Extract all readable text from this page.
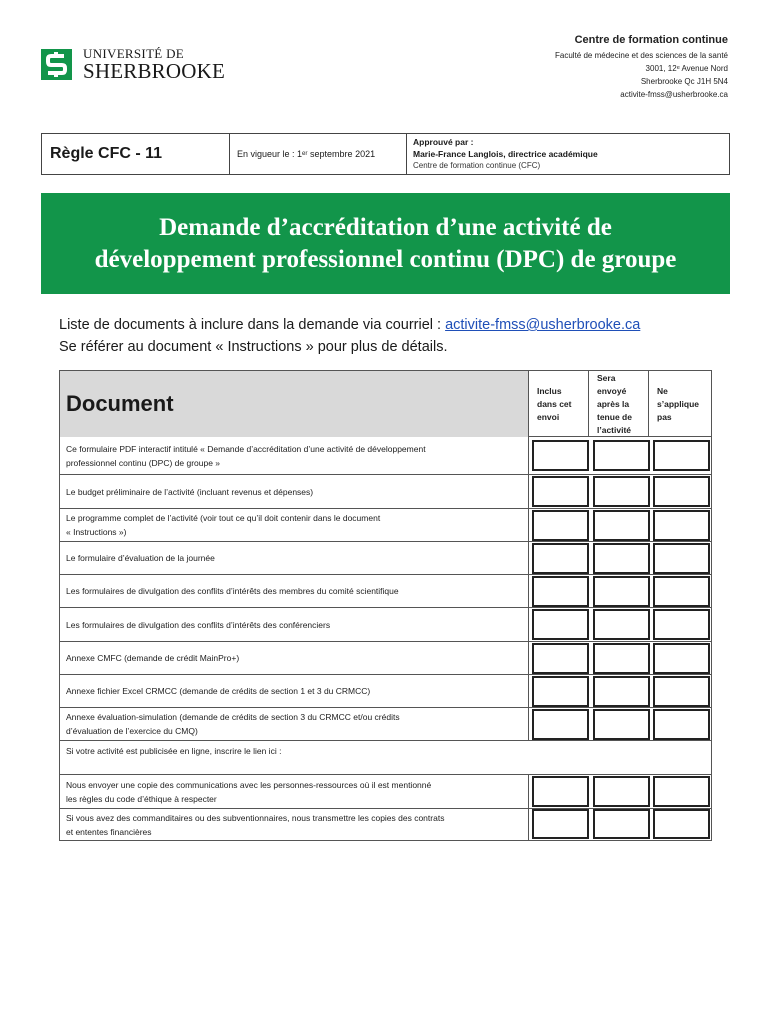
UNIVERSITÉ DE
SHERBROOKE
Centre de formation continue
Faculté de médecine et des sciences de la santé
3001, 12ᵉ Avenue Nord
Sherbrooke Qc J1H 5N4
activite-fmss@usherbrooke.ca
Règle CFC - 11	En vigueur le : 1ᵉʳ septembre 2021
Approuvé par :
Marie-France Langlois, directrice académique
Centre de formation continue (CFC)
Demande d’accréditation d’une activité de
développement professionnel continu (DPC) de groupe
Liste de documents à inclure dans la demande via courriel : activite-fmss@usherbrooke.ca
Se référer au document « Instructions » pour plus de détails.
Document
Inclus
dans cet
envoi
Sera
envoyé
après la
tenue de
l’activité
Ne
s’applique
pas
Ce formulaire PDF interactif intitulé « Demande d’accréditation d’une activité de développement
professionnel continu (DPC) de groupe »
Le budget préliminaire de l’activité (incluant revenus et dépenses)
Le programme complet de l’activité (voir tout ce qu’il doit contenir dans le document
« Instructions »)
Le formulaire d’évaluation de la journée
Les formulaires de divulgation des conflits d’intérêts des membres du comité scientifique
Les formulaires de divulgation des conflits d’intérêts des conférenciers
Annexe CMFC (demande de crédit MainPro+)
Annexe fichier Excel CRMCC (demande de crédits de section 1 et 3 du CRMCC)
Annexe évaluation-simulation (demande de crédits de section 3 du CRMCC et/ou crédits
d’évaluation de l’exercice du CMQ)
Si votre activité est publicisée en ligne, inscrire le lien ici :
Nous envoyer une copie des communications avec les personnes-ressources où il est mentionné
les règles du code d’éthique à respecter
Si vous avez des commanditaires ou des subventionnaires, nous transmettre les copies des contrats
et ententes financières
